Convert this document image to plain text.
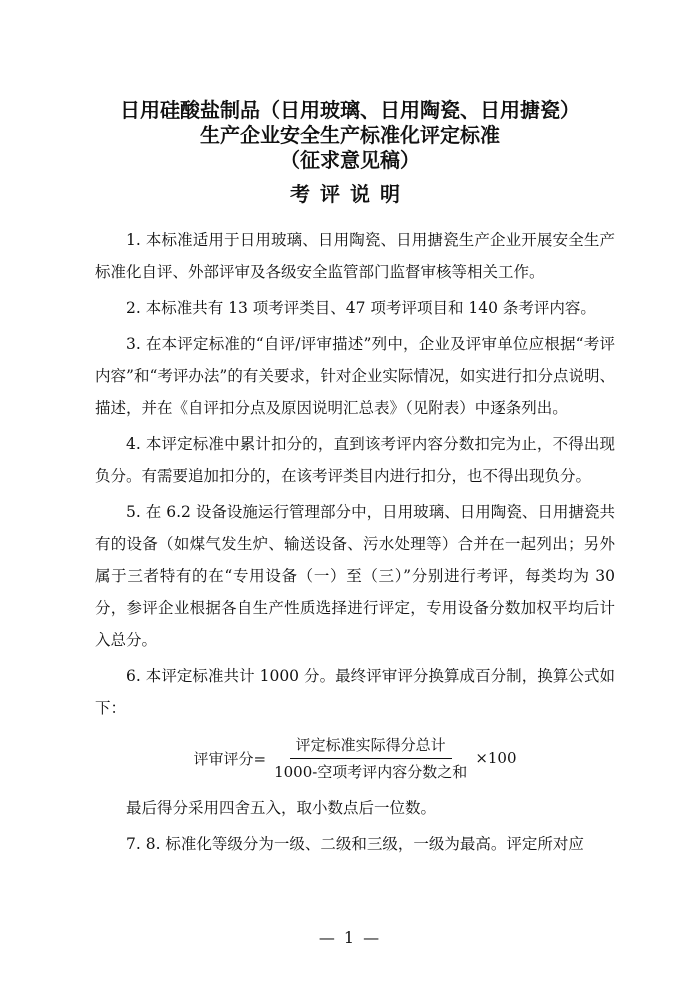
日用硅酸盐制品（日用玻璃、日用陶瓷、日用搪瓷）
生产企业安全生产标准化评定标准
（征求意见稿）
考评说明

1. 本标准适用于日用玻璃、日用陶瓷、日用搪瓷生产企业开展安全生产标准化自评、外部评审及各级安全监管部门监督审核等相关工作。

2. 本标准共有 13 项考评类目、47 项考评项目和 140 条考评内容。

3. 在本评定标准的“自评/评审描述”列中，企业及评审单位应根据“考评内容”和“考评办法”的有关要求，针对企业实际情况，如实进行扣分点说明、描述，并在《自评扣分点及原因说明汇总表》（见附表）中逐条列出。

4. 本评定标准中累计扣分的，直到该考评内容分数扣完为止，不得出现负分。有需要追加扣分的，在该考评类目内进行扣分，也不得出现负分。

5. 在 6.2 设备设施运行管理部分中，日用玻璃、日用陶瓷、日用搪瓷共有的设备（如煤气发生炉、输送设备、污水处理等）合并在一起列出；另外属于三者特有的在“专用设备（一）至（三）”分别进行考评，每类均为 30 分，参评企业根据各自生产性质选择进行评定，专用设备分数加权平均后计入总分。

6. 本评定标准共计 1000 分。最终评审评分换算成百分制，换算公式如下：

评审评分= $\frac{\text{评定标准实际得分总计}}{\text{1000-空项考评内容分数之和}} \times 100$

最后得分采用四舍五入，取小数点后一位数。

7. 8. 标准化等级分为一级、二级和三级，一级为最高。评定所对应

— 1 —
